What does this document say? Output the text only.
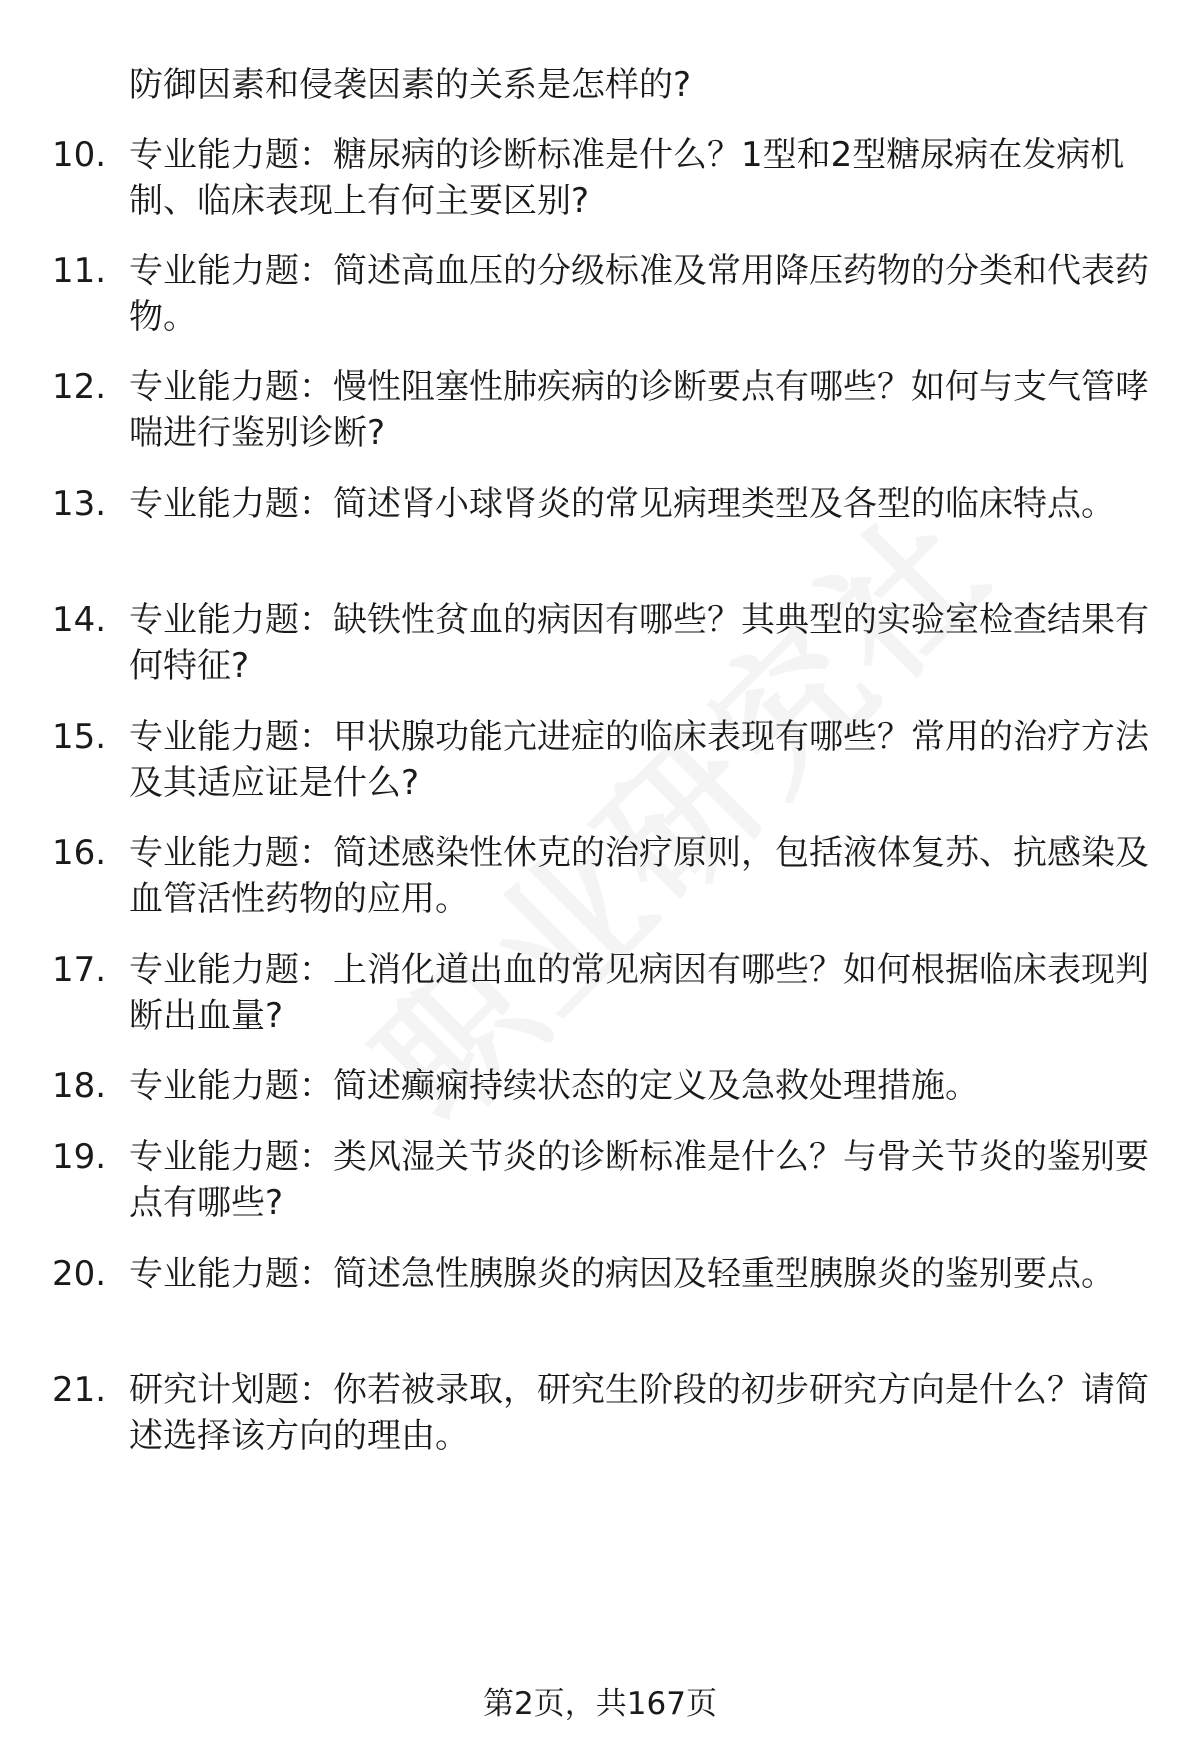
防御因素和侵袭因素的关系是怎样的?
10. 专业能力题：糖尿病的诊断标准是什么？1型和2型糖尿病在发病机制、临床表现上有何主要区别?
11. 专业能力题：简述高血压的分级标准及常用降压药物的分类和代表药物。
12. 专业能力题：慢性阻塞性肺疾病的诊断要点有哪些？如何与支气管哮喘进行鉴别诊断?
13. 专业能力题：简述肾小球肾炎的常见病理类型及各型的临床特点。
14. 专业能力题：缺铁性贫血的病因有哪些？其典型的实验室检查结果有何特征?
15. 专业能力题：甲状腺功能亢进症的临床表现有哪些？常用的治疗方法及其适应证是什么?
16. 专业能力题：简述感染性休克的治疗原则，包括液体复苏、抗感染及血管活性药物的应用。
17. 专业能力题：上消化道出血的常见病因有哪些？如何根据临床表现判断出血量?
18. 专业能力题：简述癫痫持续状态的定义及急救处理措施。
19. 专业能力题：类风湿关节炎的诊断标准是什么？与骨关节炎的鉴别要点有哪些?
20. 专业能力题：简述急性胰腺炎的病因及轻重型胰腺炎的鉴别要点。
21. 研究计划题：你若被录取，研究生阶段的初步研究方向是什么？请简述选择该方向的理由。
第2页，共167页
